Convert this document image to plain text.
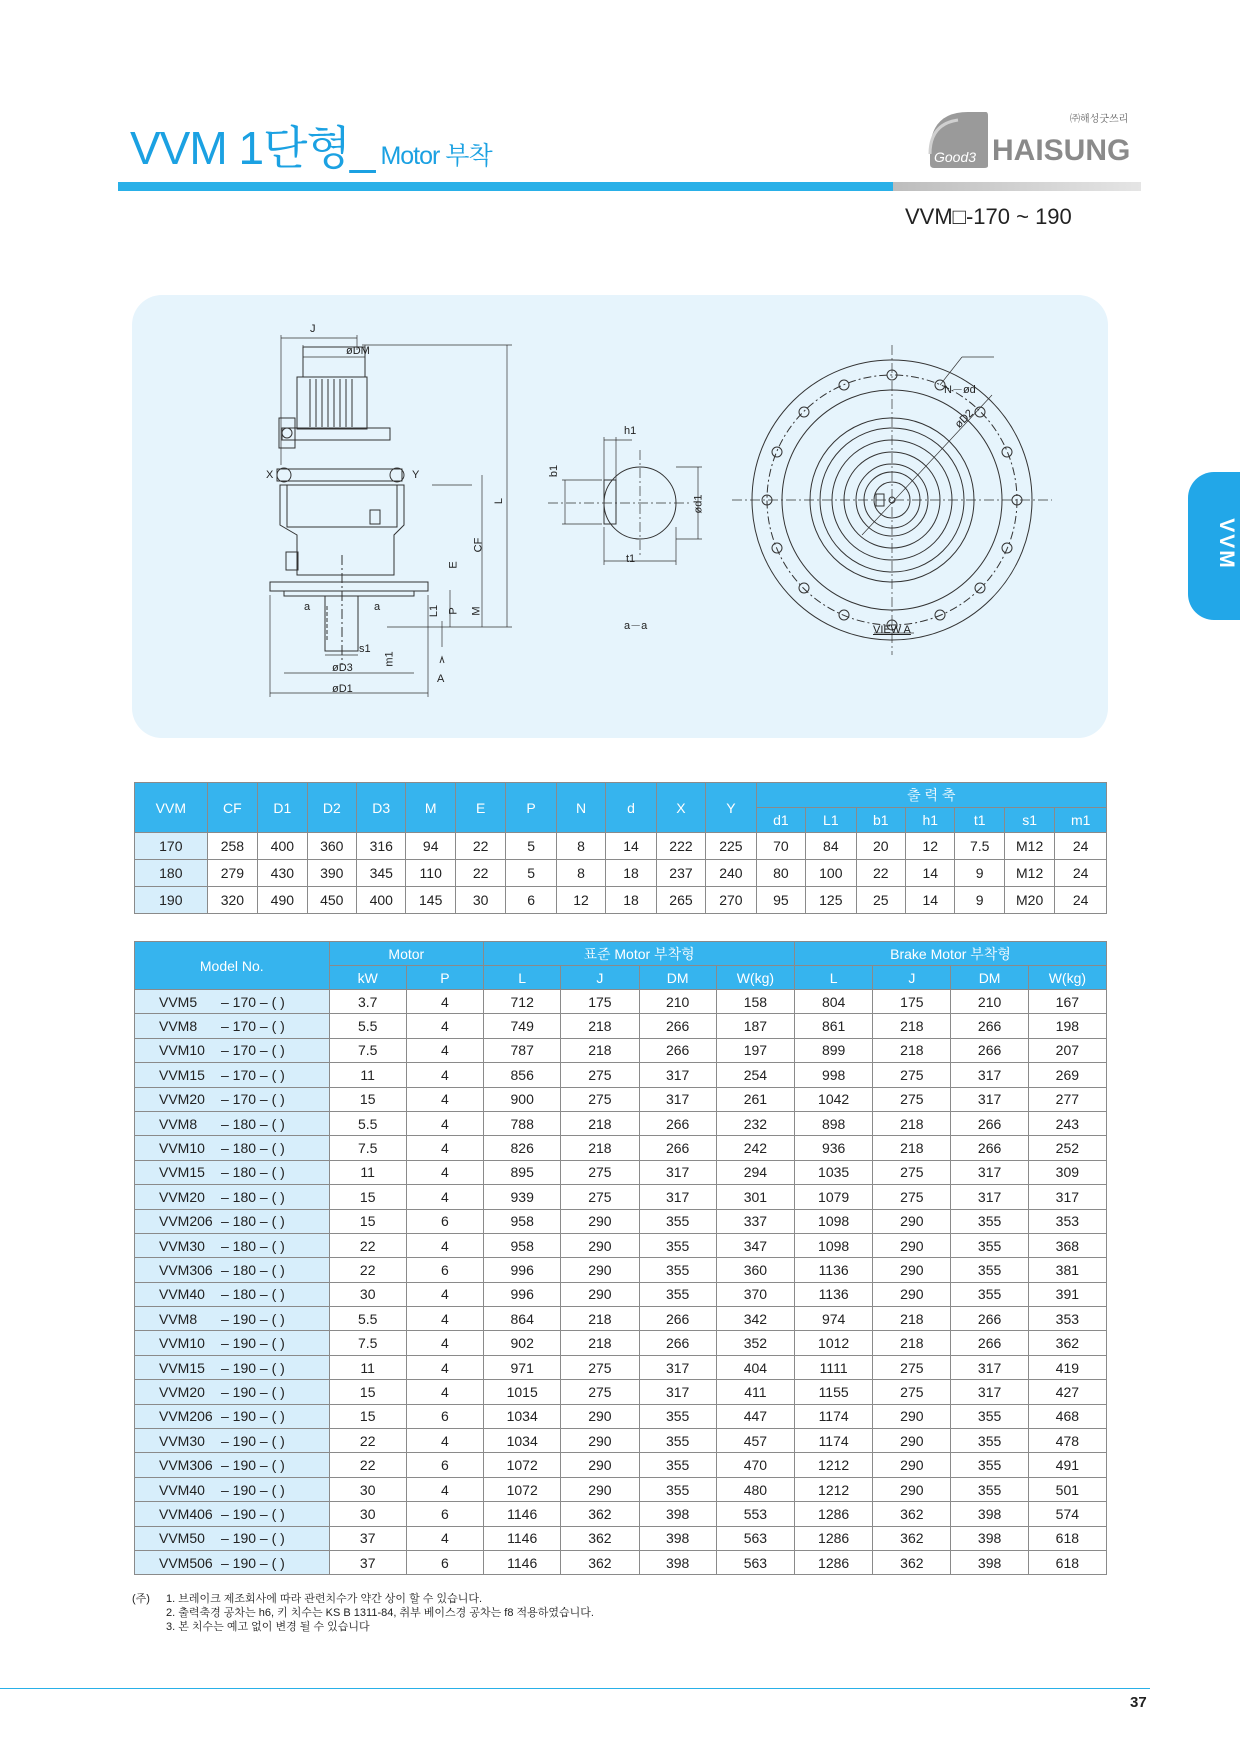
VVM 1단형_ Motor 부착	Good3
㈜해성굿쓰리
HAISUNG
VVM□-170 ~ 190
VVM
J
øDM
X	Y
L
CF
E
P M
L1
a	a
s1
m1
øD3
øD1
A
h1
b1
ød1
t1
a－a
N－ød
øD2
VIEW A
VVM	CF	D1	D2	D3	M	E	P	N	d	X	Y	출 력 축						
												d1	L1	b1	h1	t1	s1	m1
170	258	400	360	316	94	22	5	8	14	222	225	70	84	20	12	7.5	M12	24
180	279	430	390	345	110	22	5	8	18	237	240	80	100	22	14	9	M12	24
190	320	490	450	400	145	30	6	12	18	265	270	95	125	25	14	9	M20	24
Model No.	Motor		표준 Motor 부착형				Brake Motor 부착형			
	kW	P	L	J	DM	W(kg)	L	J	DM	W(kg)
VVM5 – 170 – ( )	3.7	4	712	175	210	158	804	175	210	167
VVM8 – 170 – ( )	5.5	4	749	218	266	187	861	218	266	198
VVM10 – 170 – ( )	7.5	4	787	218	266	197	899	218	266	207
VVM15 – 170 – ( )	11	4	856	275	317	254	998	275	317	269
VVM20 – 170 – ( )	15	4	900	275	317	261	1042	275	317	277
VVM8 – 180 – ( )	5.5	4	788	218	266	232	898	218	266	243
VVM10 – 180 – ( )	7.5	4	826	218	266	242	936	218	266	252
VVM15 – 180 – ( )	11	4	895	275	317	294	1035	275	317	309
VVM20 – 180 – ( )	15	4	939	275	317	301	1079	275	317	317
VVM206 – 180 – ( )	15	6	958	290	355	337	1098	290	355	353
VVM30 – 180 – ( )	22	4	958	290	355	347	1098	290	355	368
VVM306 – 180 – ( )	22	6	996	290	355	360	1136	290	355	381
VVM40 – 180 – ( )	30	4	996	290	355	370	1136	290	355	391
VVM8 – 190 – ( )	5.5	4	864	218	266	342	974	218	266	353
VVM10 – 190 – ( )	7.5	4	902	218	266	352	1012	218	266	362
VVM15 – 190 – ( )	11	4	971	275	317	404	1111	275	317	419
VVM20 – 190 – ( )	15	4	1015	275	317	411	1155	275	317	427
VVM206 – 190 – ( )	15	6	1034	290	355	447	1174	290	355	468
VVM30 – 190 – ( )	22	4	1034	290	355	457	1174	290	355	478
VVM306 – 190 – ( )	22	6	1072	290	355	470	1212	290	355	491
VVM40 – 190 – ( )	30	4	1072	290	355	480	1212	290	355	501
VVM406 – 190 – ( )	30	6	1146	362	398	553	1286	362	398	574
VVM50 – 190 – ( )	37	4	1146	362	398	563	1286	362	398	618
VVM506 – 190 – ( )	37	6	1146	362	398	563	1286	362	398	618
(주) 1. 브레이크 제조회사에 따라 관련치수가 약간 상이 할 수 있습니다.
2. 출력축경 공차는 h6, 키 치수는 KS B 1311-84, 취부 베이스경 공차는 f8 적용하였습니다.
3. 본 치수는 예고 없이 변경 될 수 있습니다
37
